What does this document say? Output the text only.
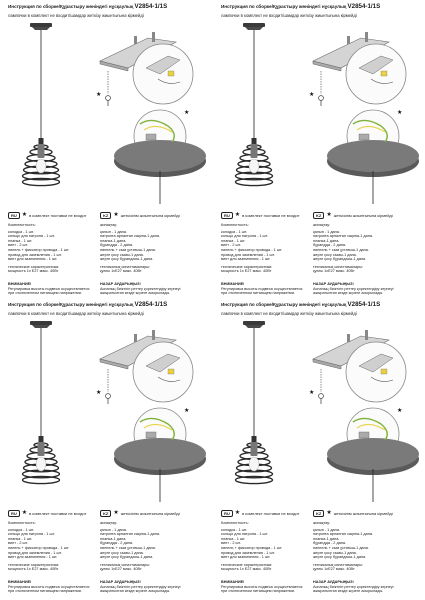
Инструкция по сборке/Құрастыру жөніндегі нұсқаулық V2854-1/1S
лампочки в комплект не входит/шамдар жеткізу жиынтығына кірмейді
★
★
RU ★ в комплект поставки не входит	KZ ★ жеткізілім жиынтығына кірмейді
Комплектность:
колодка - 1 шт.
кольцо для патрона - 1 шт.
планка - 1 шт.
винт - 2 шт.
нипель + фиксатор провода - 1 шт.
провод для заземления - 1 шт.
винт для заземления - 1 шт.
технические характеристики:
мощность 1x E27 макс. 40Вт
ВНИМАНИЕ!
Регулировка высоты подвеса осуществляется
при отключенном питающем напряжении.
жинақтау:
қалып - 1 дана.
патронға арналған сақина-1 дана.
планка-1 дана.
бұрандда - 2 дана.
ниппель + сым ұстағыш-1 дана.
жерге қосу сымы-1 дана.
жерге қосу бұрандасы-1 дана.
техникалық сипаттамалары:
қуаты 1xE27 макс. 40Вт
НАЗАР АУДАРЫҢЫЗ!
Аспаның биіктігін реттеу қоректендіру кернеуі
ажыратылған кезде жүзеге асырылады.
Инструкция по сборке/Құрастыру жөніндегі нұсқаулық V2854-1/1S
лампочки в комплект не входит/шамдар жеткізу жиынтығына кірмейді
★
★
RU ★ в комплект поставки не входит	KZ ★ жеткізілім жиынтығына кірмейді
Комплектность:
колодка - 1 шт.
кольцо для патрона - 1 шт.
планка - 1 шт.
винт - 2 шт.
нипель + фиксатор провода - 1 шт.
провод для заземления - 1 шт.
винт для заземления - 1 шт.
технические характеристики:
мощность 1x E27 макс. 40Вт
ВНИМАНИЕ!
Регулировка высоты подвеса осуществляется
при отключенном питающем напряжении.
жинақтау:
қалып - 1 дана.
патронға арналған сақина-1 дана.
планка-1 дана.
бұрандда - 2 дана.
ниппель + сым ұстағыш-1 дана.
жерге қосу сымы-1 дана.
жерге қосу бұрандасы-1 дана.
техникалық сипаттамалары:
қуаты 1xE27 макс. 40Вт
НАЗАР АУДАРЫҢЫЗ!
Аспаның биіктігін реттеу қоректендіру кернеуі
ажыратылған кезде жүзеге асырылады.
Инструкция по сборке/Құрастыру жөніндегі нұсқаулық V2854-1/1S
лампочки в комплект не входит/шамдар жеткізу жиынтығына кірмейді
★
★
RU ★ в комплект поставки не входит	KZ ★ жеткізілім жиынтығына кірмейді
Комплектность:
колодка - 1 шт.
кольцо для патрона - 1 шт.
планка - 1 шт.
винт - 2 шт.
нипель + фиксатор провода - 1 шт.
провод для заземления - 1 шт.
винт для заземления - 1 шт.
технические характеристики:
мощность 1x E27 макс. 40Вт
ВНИМАНИЕ!
Регулировка высоты подвеса осуществляется
при отключенном питающем напряжении.
жинақтау:
қалып - 1 дана.
патронға арналған сақина-1 дана.
планка-1 дана.
бұрандда - 2 дана.
ниппель + сым ұстағыш-1 дана.
жерге қосу сымы-1 дана.
жерге қосу бұрандасы-1 дана.
техникалық сипаттамалары:
қуаты 1xE27 макс. 40Вт
НАЗАР АУДАРЫҢЫЗ!
Аспаның биіктігін реттеу қоректендіру кернеуі
ажыратылған кезде жүзеге асырылады.
Инструкция по сборке/Құрастыру жөніндегі нұсқаулық V2854-1/1S
лампочки в комплект не входит/шамдар жеткізу жиынтығына кірмейді
★
★
RU ★ в комплект поставки не входит	KZ ★ жеткізілім жиынтығына кірмейді
Комплектность:
колодка - 1 шт.
кольцо для патрона - 1 шт.
планка - 1 шт.
винт - 2 шт.
нипель + фиксатор провода - 1 шт.
провод для заземления - 1 шт.
винт для заземления - 1 шт.
технические характеристики:
мощность 1x E27 макс. 40Вт
ВНИМАНИЕ!
Регулировка высоты подвеса осуществляется
при отключенном питающем напряжении.
жинақтау:
қалып - 1 дана.
патронға арналған сақина-1 дана.
планка-1 дана.
бұрандда - 2 дана.
ниппель + сым ұстағыш-1 дана.
жерге қосу сымы-1 дана.
жерге қосу бұрандасы-1 дана.
техникалық сипаттамалары:
қуаты 1xE27 макс. 40Вт
НАЗАР АУДАРЫҢЫЗ!
Аспаның биіктігін реттеу қоректендіру кернеуі
ажыратылған кезде жүзеге асырылады.
